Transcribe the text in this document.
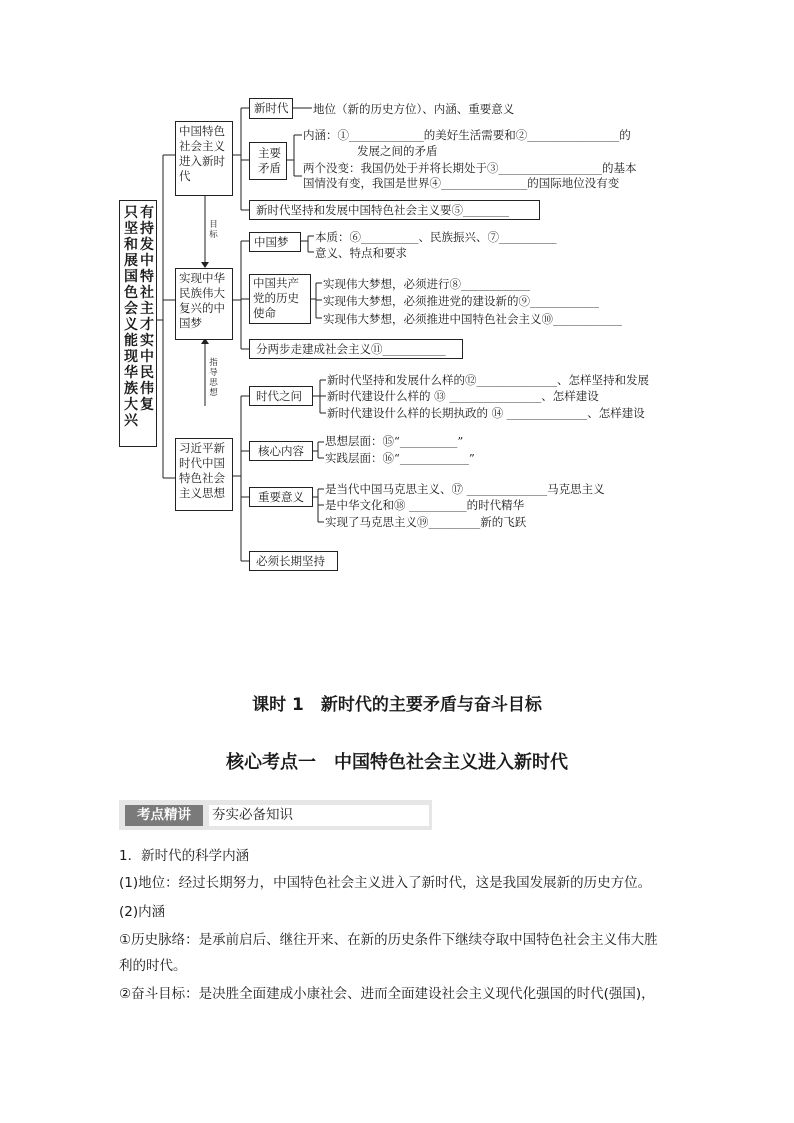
只坚和展国色会义能现华族大兴
有持发中特社主才实中民伟复
目标
指导思想
中国特色社会主义进入新时代
新时代 地位（新的历史方位）、内涵、重要意义
主要矛盾
内涵：①_____________的美好生活需要和②________________的
发展之间的矛盾
两个没变：我国仍处于并将长期处于③__________________的基本
国情没有变，我国是世界④_______________的国际地位没有变
新时代坚持和发展中国特色社会主义要⑤________
实现中华民族伟大复兴的中国梦
中国梦 本质：⑥__________、民族振兴、⑦__________
意义、特点和要求
中国共产党的历史使命
实现伟大梦想，必须进行⑧____________
实现伟大梦想，必须推进党的建设新的⑨____________
实现伟大梦想，必须推进中国特色社会主义⑩____________
分两步走建成社会主义⑪___________
习近平新时代中国特色社会主义思想
时代之问
新时代坚持和发展什么样的⑫______________、怎样坚持和发展
新时代建设什么样的 ⑬ ________________、怎样建设
新时代建设什么样的长期执政的 ⑭ ______________、怎样建设
核心内容
思想层面：⑮“__________”
实践层面：⑯“____________”
重要意义
是当代中国马克思主义、⑰ ______________马克思主义
是中华文化和⑱ __________的时代精华
实现了马克思主义⑲_________新的飞跃
必须长期坚持
课时 1　新时代的主要矛盾与奋斗目标
核心考点一　中国特色社会主义进入新时代
考点精讲	夯实必备知识
1．新时代的科学内涵
(1)地位：经过长期努力，中国特色社会主义进入了新时代，这是我国发展新的历史方位。
(2)内涵
①历史脉络：是承前启后、继往开来、在新的历史条件下继续夺取中国特色社会主义伟大胜
利的时代。
②奋斗目标：是决胜全面建成小康社会、进而全面建设社会主义现代化强国的时代(强国)，
